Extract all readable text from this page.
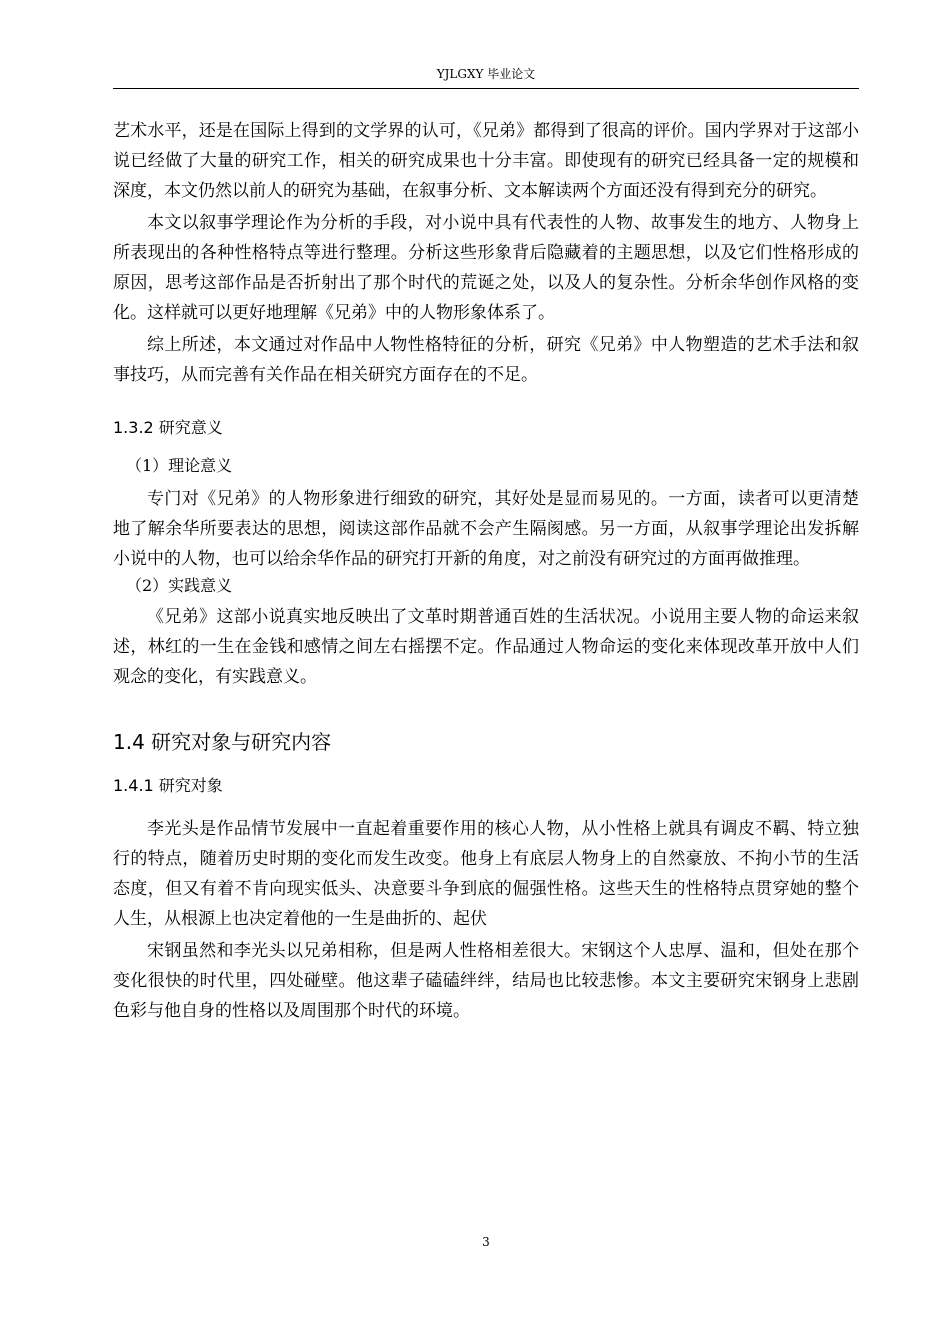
YJLGXY 毕业论文

艺术水平，还是在国际上得到的文学界的认可，《兄弟》都得到了很高的评价。国内学界对于这部小说已经做了大量的研究工作，相关的研究成果也十分丰富。即使现有的研究已经具备一定的规模和深度，本文仍然以前人的研究为基础，在叙事分析、文本解读两个方面还没有得到充分的研究。

本文以叙事学理论作为分析的手段，对小说中具有代表性的人物、故事发生的地方、人物身上所表现出的各种性格特点等进行整理。分析这些形象背后隐藏着的主题思想，以及它们性格形成的原因，思考这部作品是否折射出了那个时代的荒诞之处，以及人的复杂性。分析余华创作风格的变化。这样就可以更好地理解《兄弟》中的人物形象体系了。

综上所述，本文通过对作品中人物性格特征的分析，研究《兄弟》中人物塑造的艺术手法和叙事技巧，从而完善有关作品在相关研究方面存在的不足。

1.3.2 研究意义

（1）理论意义

专门对《兄弟》的人物形象进行细致的研究，其好处是显而易见的。一方面，读者可以更清楚地了解余华所要表达的思想，阅读这部作品就不会产生隔阂感。另一方面，从叙事学理论出发拆解小说中的人物，也可以给余华作品的研究打开新的角度，对之前没有研究过的方面再做推理。

（2）实践意义

《兄弟》这部小说真实地反映出了文革时期普通百姓的生活状况。小说用主要人物的命运来叙述，林红的一生在金钱和感情之间左右摇摆不定。作品通过人物命运的变化来体现改革开放中人们观念的变化，有实践意义。

1.4 研究对象与研究内容

1.4.1 研究对象

李光头是作品情节发展中一直起着重要作用的核心人物，从小性格上就具有调皮不羁、特立独行的特点，随着历史时期的变化而发生改变。他身上有底层人物身上的自然豪放、不拘小节的生活态度，但又有着不肯向现实低头、决意要斗争到底的倔强性格。这些天生的性格特点贯穿她的整个人生，从根源上也决定着他的一生是曲折的、起伏

宋钢虽然和李光头以兄弟相称，但是两人性格相差很大。宋钢这个人忠厚、温和，但处在那个变化很快的时代里，四处碰壁。他这辈子磕磕绊绊，结局也比较悲惨。本文主要研究宋钢身上悲剧色彩与他自身的性格以及周围那个时代的环境。

3
